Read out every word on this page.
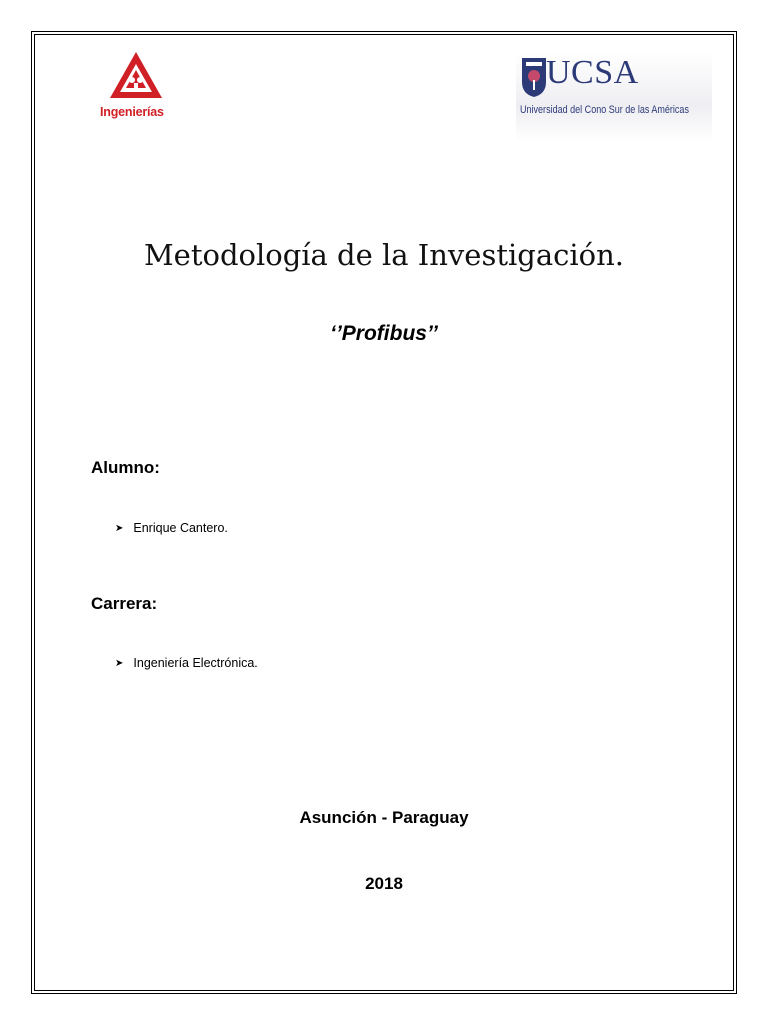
Ingenierías
UCSA
Universidad del Cono Sur de las Américas
Metodología de la Investigación.
‘’Profibus’’
Alumno:
➤ Enrique Cantero.
Carrera:
➤ Ingeniería Electrónica.
Asunción - Paraguay
2018
